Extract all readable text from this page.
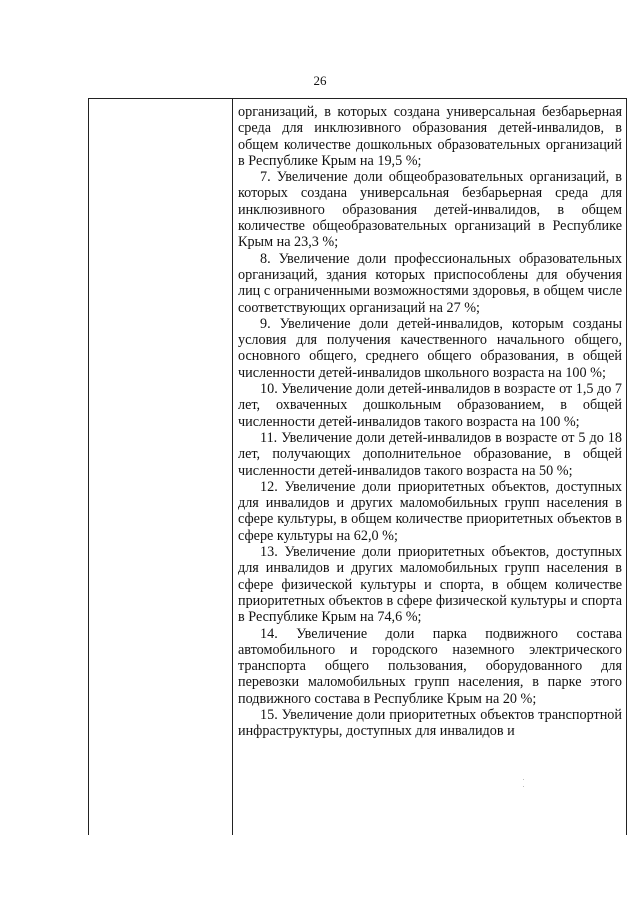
26

организаций, в которых создана универсальная безбарьерная среда для инклюзивного образования детей-инвалидов, в общем количестве дошкольных образовательных организаций в Республике Крым на 19,5 %;

7. Увеличение доли общеобразовательных организаций, в которых создана универсальная безбарьерная среда для инклюзивного образования детей-инвалидов, в общем количестве общеобразовательных организаций в Республике Крым на 23,3 %;

8. Увеличение доли профессиональных образовательных организаций, здания которых приспособлены для обучения лиц с ограниченными возможностями здоровья, в общем числе соответствующих организаций на 27 %;

9. Увеличение доли детей-инвалидов, которым созданы условия для получения качественного начального общего, основного общего, среднего общего образования, в общей численности детей-инвалидов школьного возраста на 100 %;

10. Увеличение доли детей-инвалидов в возрасте от 1,5 до 7 лет, охваченных дошкольным образованием, в общей численности детей-инвалидов такого возраста на 100 %;

11. Увеличение доли детей-инвалидов в возрасте от 5 до 18 лет, получающих дополнительное образование, в общей численности детей-инвалидов такого возраста на 50 %;

12. Увеличение доли приоритетных объектов, доступных для инвалидов и других маломобильных групп населения в сфере культуры, в общем количестве приоритетных объектов в сфере культуры на 62,0 %;

13. Увеличение доли приоритетных объектов, доступных для инвалидов и других маломобильных групп населения в сфере физической культуры и спорта, в общем количестве приоритетных объектов в сфере физической культуры и спорта в Республике Крым на 74,6 %;

14. Увеличение доли парка подвижного состава автомобильного и городского наземного электрического транспорта общего пользования, оборудованного для перевозки маломобильных групп населения, в парке этого подвижного состава в Республике Крым на 20 %;

15. Увеличение доли приоритетных объектов транспортной инфраструктуры, доступных для инвалидов и
